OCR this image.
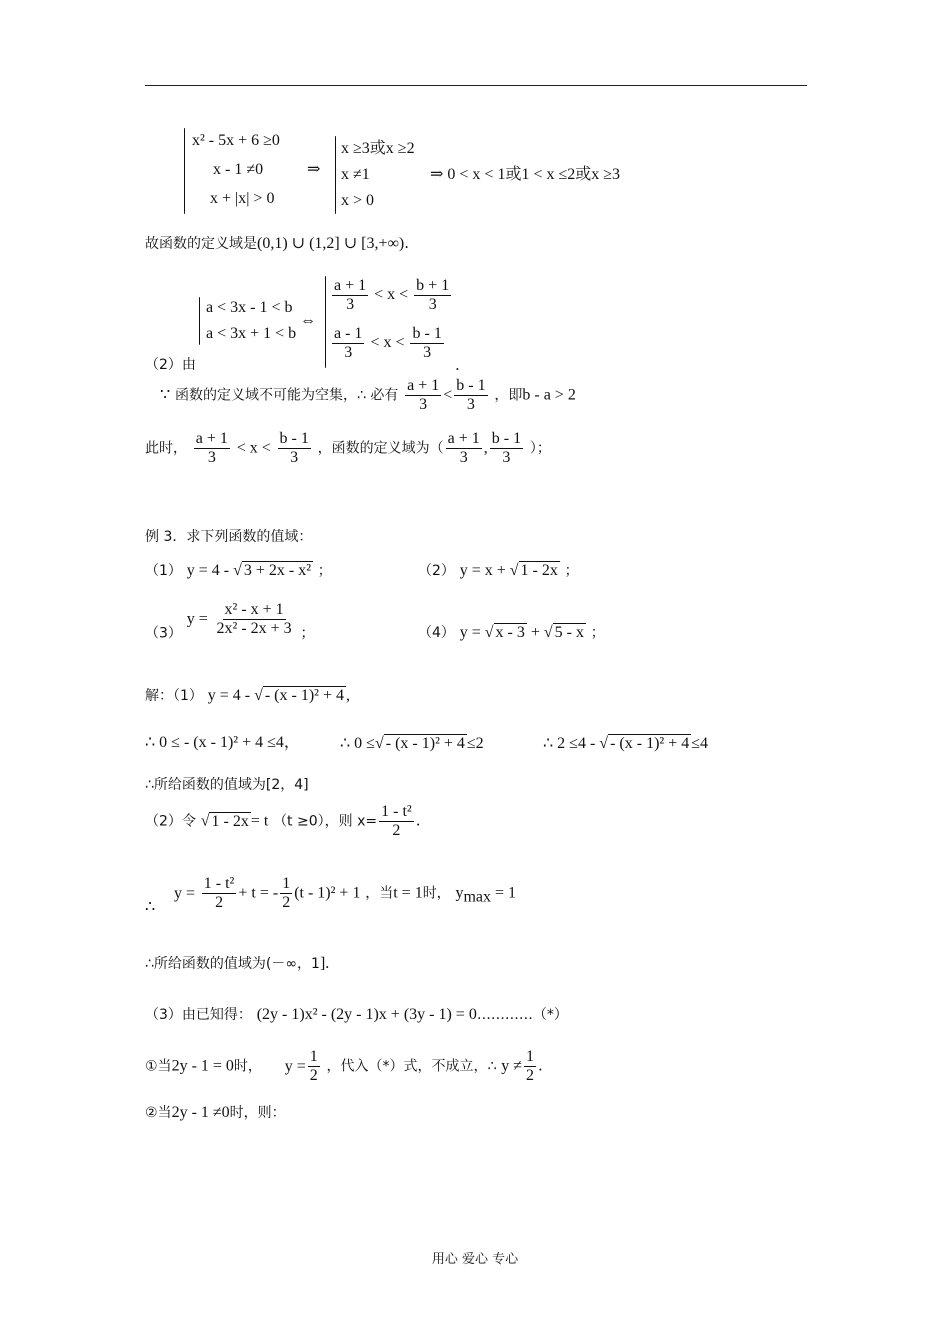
x² - 5x + 6 ≥0
x - 1 ≠0
x + |x| > 0
⇒
x ≥3或x ≥2
x ≠1
x > 0
⇒ 0 < x < 1或1 < x ≤2或x ≥3
故函数的定义域是(0,1) ∪ (1,2] ∪ [3,+∞).
a < 3x - 1 < b
a < 3x + 1 < b
⇔
$\frac{a + 1}{3} < x < \frac{b + 1}{3}$
$\frac{a - 1}{3} < x < \frac{b - 1}{3}$
（2）由	.
∵ 函数的定义域不可能为空集，∴ 必有 $\frac{a + 1}{3} < \frac{b - 1}{3}$ ，即b - a > 2
此时， $\frac{a + 1}{3} < x < \frac{b - 1}{3}$ ，函数的定义域为（ $\frac{a + 1}{3}$ , $\frac{b - 1}{3}$ ）；
例 3．求下列函数的值域：
（1） y = 4 - √ 3 + 2x - x² ；	（2） y = x + √ 1 - 2x ；
（3） $y = \frac{\text{x² - x + 1}}{\text{2x² - 2x + 3}}$ ；	（4） y = √ x - 3 + √ 5 - x ；
解：（1） y = 4 - √ - (x - 1)² + 4 ,
∴ 0 ≤ - (x - 1)² + 4 ≤4，	∴ 0 ≤√ - (x - 1)² + 4 ≤2	∴ 2 ≤4 - √ - (x - 1)² + 4 ≤4
∴所给函数的值域为[2，4]
（2）令 √ 1 - 2x = t （t ≥0），则 $x= \frac{\text{1 - t²}}{2}$ .
∴ $y = \frac{\text{1 - t²}}{2} + t$ = - $\frac{1}{2} (t - 1)^2 + 1$ ，当t = 1时， $y_{max} = 1$
∴所给函数的值域为(－∞，1].
（3）由已知得： (2y - 1)x² - (2y - 1)x + (3y - 1) = 0…………（*）
①当2y - 1 = 0时， $y = \frac{1}{2}$ ，代入（*）式，不成立，∴ $y \ne \frac{1}{2}$ .
②当2y - 1 ≠0时，则：
用心 爱心 专心
